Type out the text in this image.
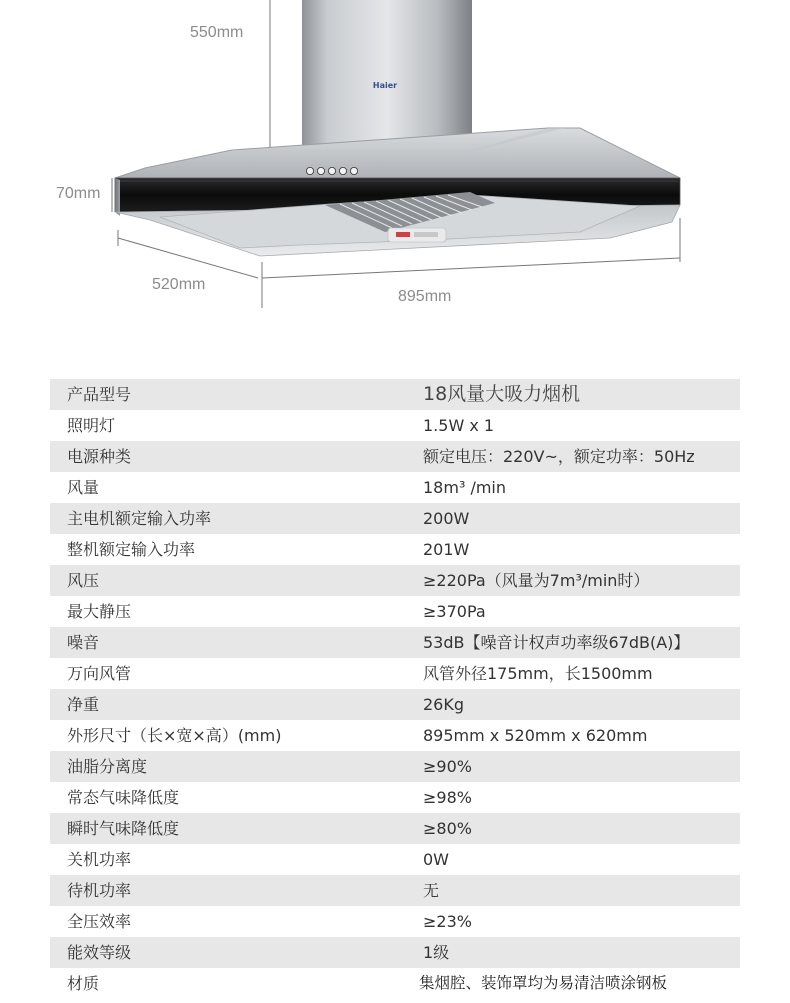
Haier
550mm
70mm
520mm
895mm
产品型号	18风量大吸力烟机
照明灯	1.5W x 1
电源种类	额定电压：220V~，额定功率：50Hz
风量	18m³ /min
主电机额定输入功率	200W
整机额定输入功率	201W
风压	≥220Pa（风量为7m³/min时）
最大静压	≥370Pa
噪音	53dB【噪音计权声功率级67dB(A)】
万向风管	风管外径175mm，长1500mm
净重	26Kg
外形尺寸（长×宽×高）(mm)	895mm x 520mm x 620mm
油脂分离度	≥90%
常态气味降低度	≥98%
瞬时气味降低度	≥80%
关机功率	0W
待机功率	无
全压效率	≥23%
能效等级	1级
材质	集烟腔、装饰罩均为易清洁喷涂钢板
